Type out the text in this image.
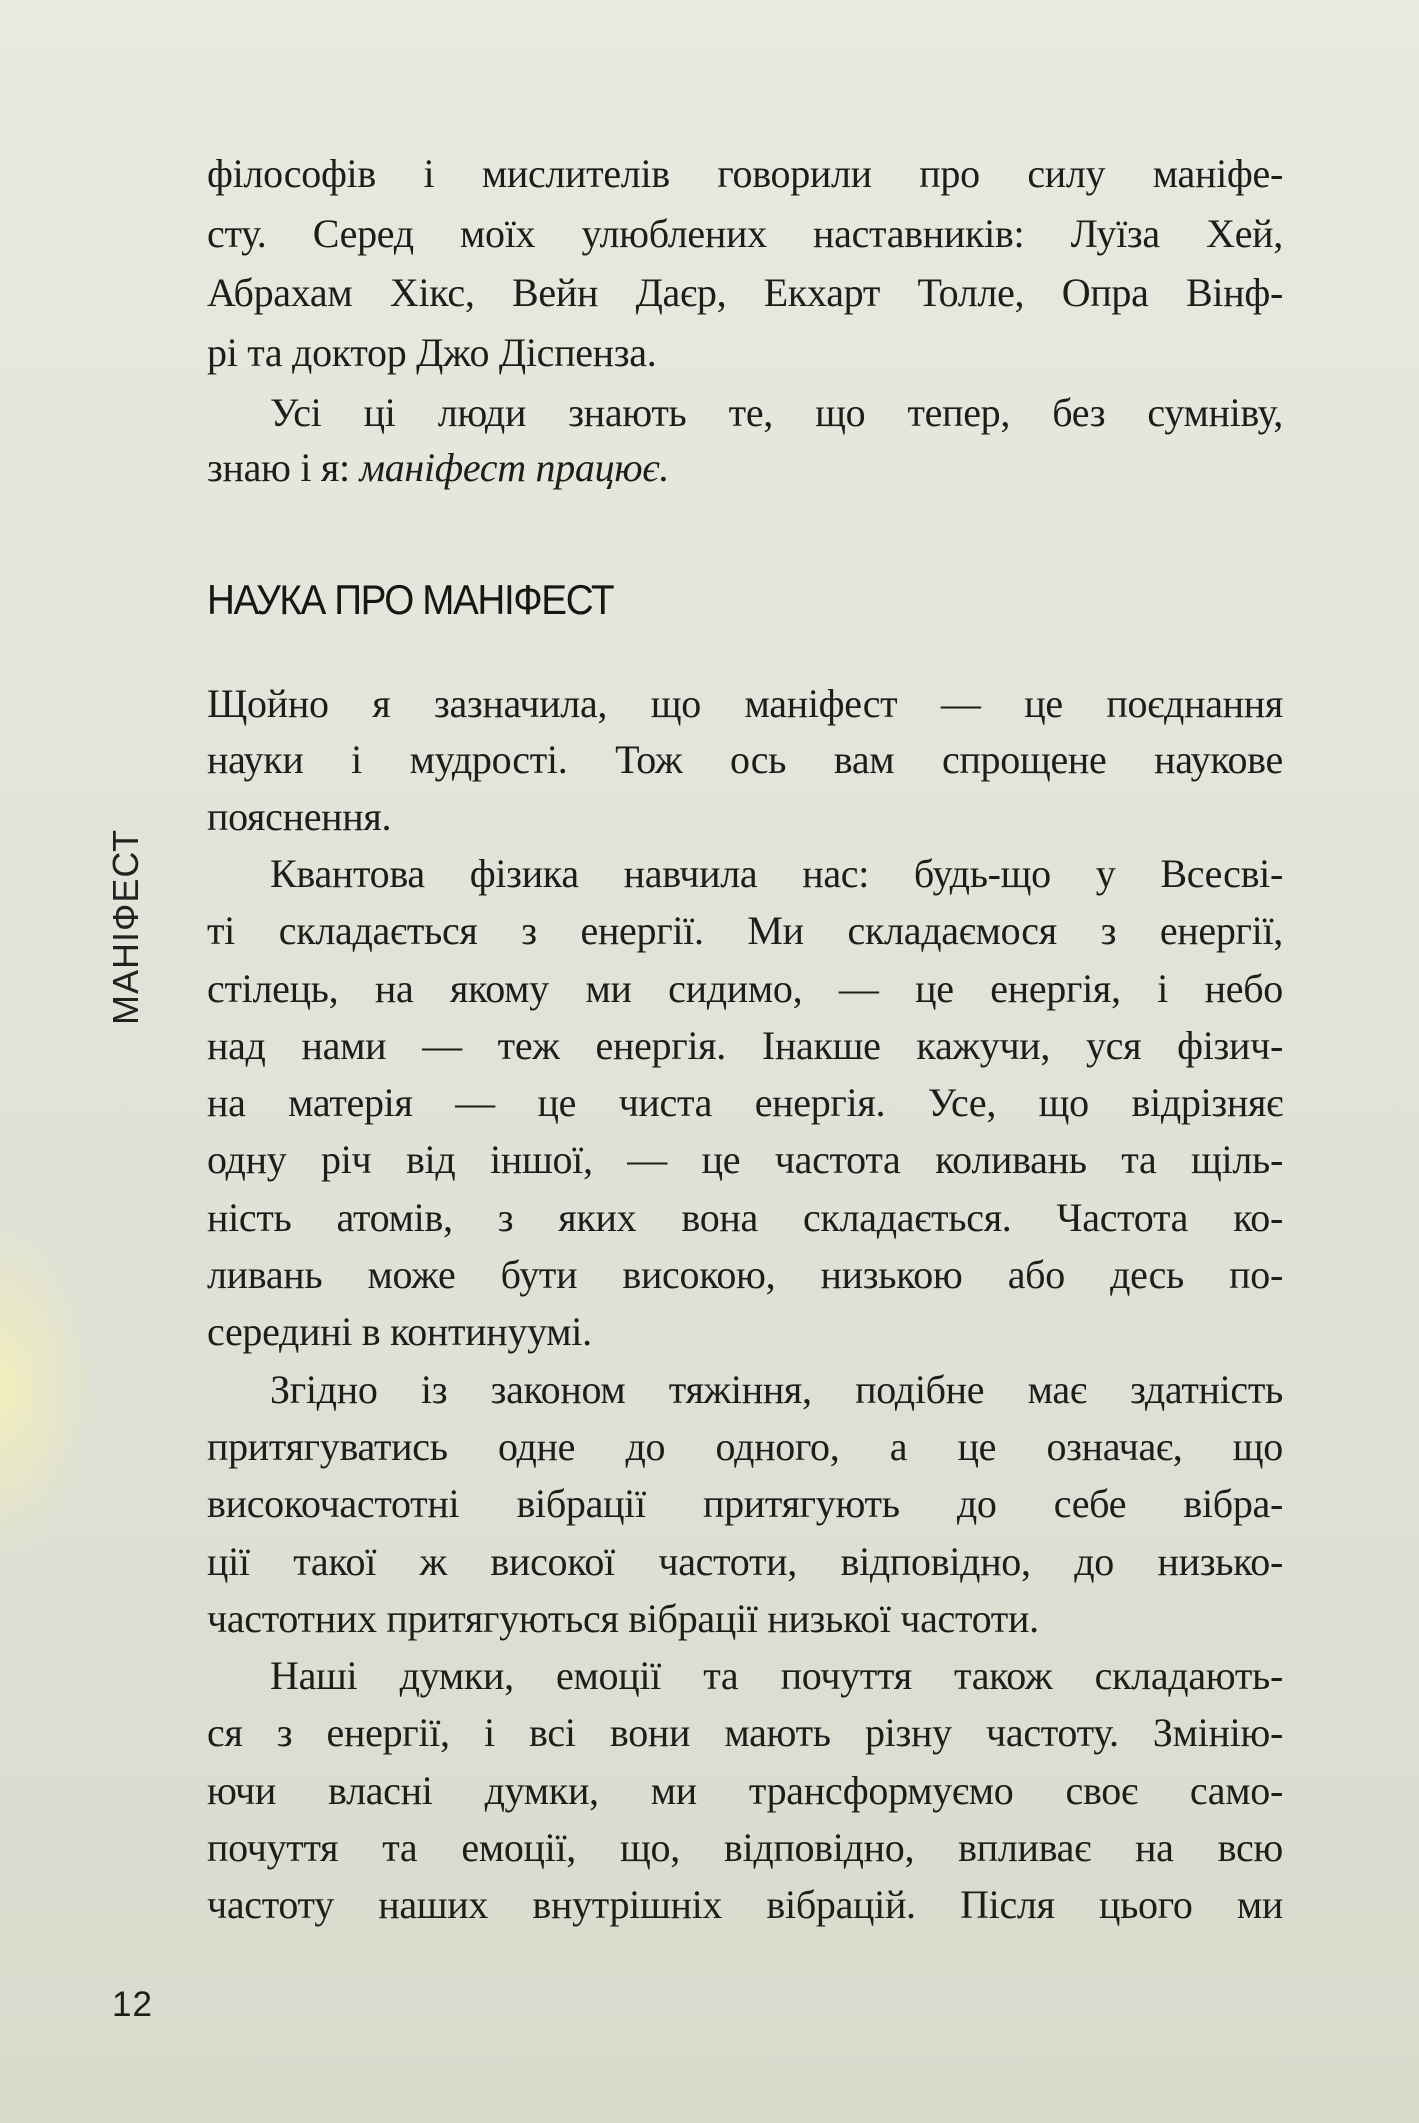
МАНІФЕСТ
філософів і мислителів говорили про силу маніфе-
сту. Серед моїх улюблених наставників: Луїза Хей,
Абрахам Хікс, Вейн Даєр, Екхарт Толле, Опра Вінф-
рі та доктор Джо Діспенза.
Усі ці люди знають те, що тепер, без сумніву,
знаю і я: маніфест працює.
НАУКА ПРО МАНІФЕСТ
Щойно я зазначила, що маніфест — це поєднання
науки і мудрості. Тож ось вам спрощене наукове
пояснення.
Квантова фізика навчила нас: будь-що у Всесві-
ті складається з енергії. Ми складаємося з енергії,
стілець, на якому ми сидимо, — це енергія, і небо
над нами — теж енергія. Інакше кажучи, уся фізич-
на матерія — це чиста енергія. Усе, що відрізняє
одну річ від іншої, — це частота коливань та щіль-
ність атомів, з яких вона складається. Частота ко-
ливань може бути високою, низькою або десь по-
середині в континуумі.
Згідно із законом тяжіння, подібне має здатність
притягуватись одне до одного, а це означає, що
високочастотні вібрації притягують до себе вібра-
ції такої ж високої частоти, відповідно, до низько-
частотних притягуються вібрації низької частоти.
Наші думки, емоції та почуття також складають-
ся з енергії, і всі вони мають різну частоту. Змінію-
ючи власні думки, ми трансформуємо своє само-
почуття та емоції, що, відповідно, впливає на всю
частоту наших внутрішніх вібрацій. Після цього ми
12
